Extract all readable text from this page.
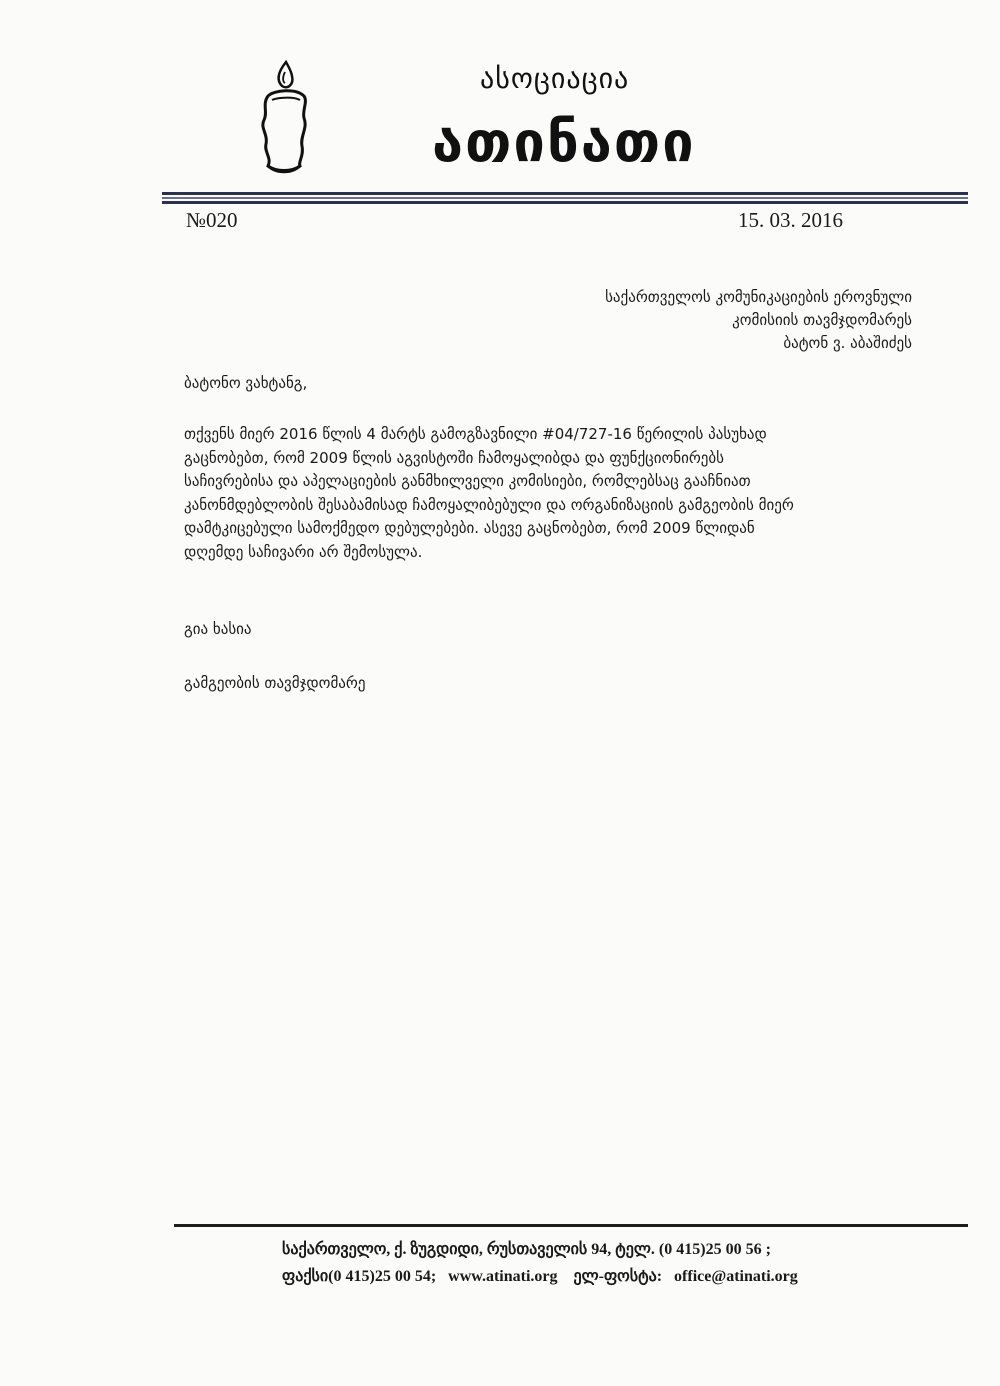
ასოციაცია
ათინათი
№020	15. 03. 2016
საქართველოს კომუნიკაციების ეროვნული
კომისიის თავმჯდომარეს
ბატონ ვ. აბაშიძეს
ბატონო ვახტანგ,
თქვენს მიერ 2016 წლის 4 მარტს გამოგზავნილი #04/727-16 წერილის პასუხად
გაცნობებთ, რომ 2009 წლის აგვისტოში ჩამოყალიბდა და ფუნქციონირებს
საჩივრებისა და აპელაციების განმხილველი კომისიები, რომლებსაც გააჩნიათ
კანონმდებლობის შესაბამისად ჩამოყალიბებული და ორგანიზაციის გამგეობის მიერ
დამტკიცებული სამოქმედო დებულებები. ასევე გაცნობებთ, რომ 2009 წლიდან
დღემდე საჩივარი არ შემოსულა.
გია ხასია
გამგეობის თავმჯდომარე
საქართველო, ქ. ზუგდიდი, რუსთაველის 94, ტელ. (0 415)25 00 56 ;
ფაქსი(0 415)25 00 54; www.atinati.org ელ-ფოსტა: office@atinati.org
